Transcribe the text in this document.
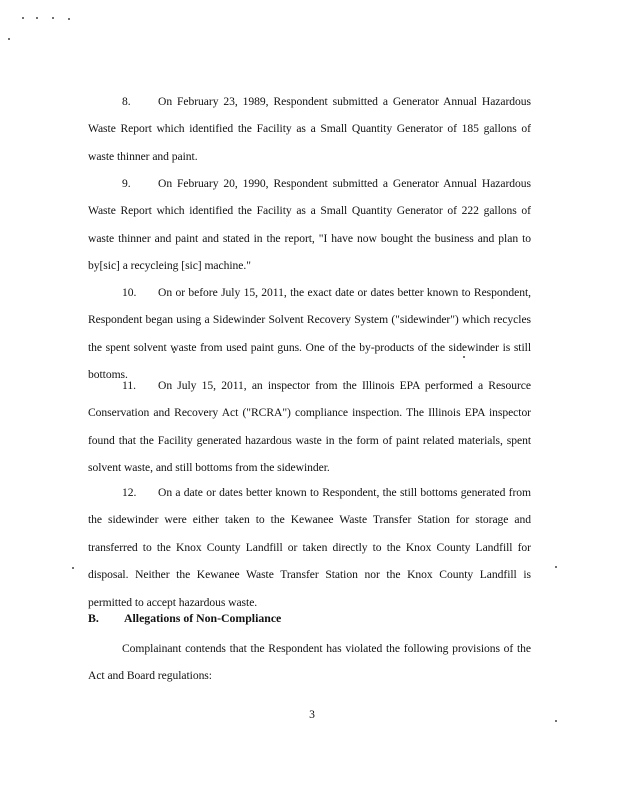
8. On February 23, 1989, Respondent submitted a Generator Annual Hazardous Waste Report which identified the Facility as a Small Quantity Generator of 185 gallons of waste thinner and paint.

9. On February 20, 1990, Respondent submitted a Generator Annual Hazardous Waste Report which identified the Facility as a Small Quantity Generator of 222 gallons of waste thinner and paint and stated in the report, "I have now bought the business and plan to by[sic] a recycleing [sic] machine."

10. On or before July 15, 2011, the exact date or dates better known to Respondent, Respondent began using a Sidewinder Solvent Recovery System ("sidewinder") which recycles the spent solvent waste from used paint guns. One of the by-products of the sidewinder is still bottoms.

11. On July 15, 2011, an inspector from the Illinois EPA performed a Resource Conservation and Recovery Act ("RCRA") compliance inspection. The Illinois EPA inspector found that the Facility generated hazardous waste in the form of paint related materials, spent solvent waste, and still bottoms from the sidewinder.

12. On a date or dates better known to Respondent, the still bottoms generated from the sidewinder were either taken to the Kewanee Waste Transfer Station for storage and transferred to the Knox County Landfill or taken directly to the Knox County Landfill for disposal. Neither the Kewanee Waste Transfer Station nor the Knox County Landfill is permitted to accept hazardous waste.

B. Allegations of Non-Compliance

Complainant contends that the Respondent has violated the following provisions of the Act and Board regulations:

3
